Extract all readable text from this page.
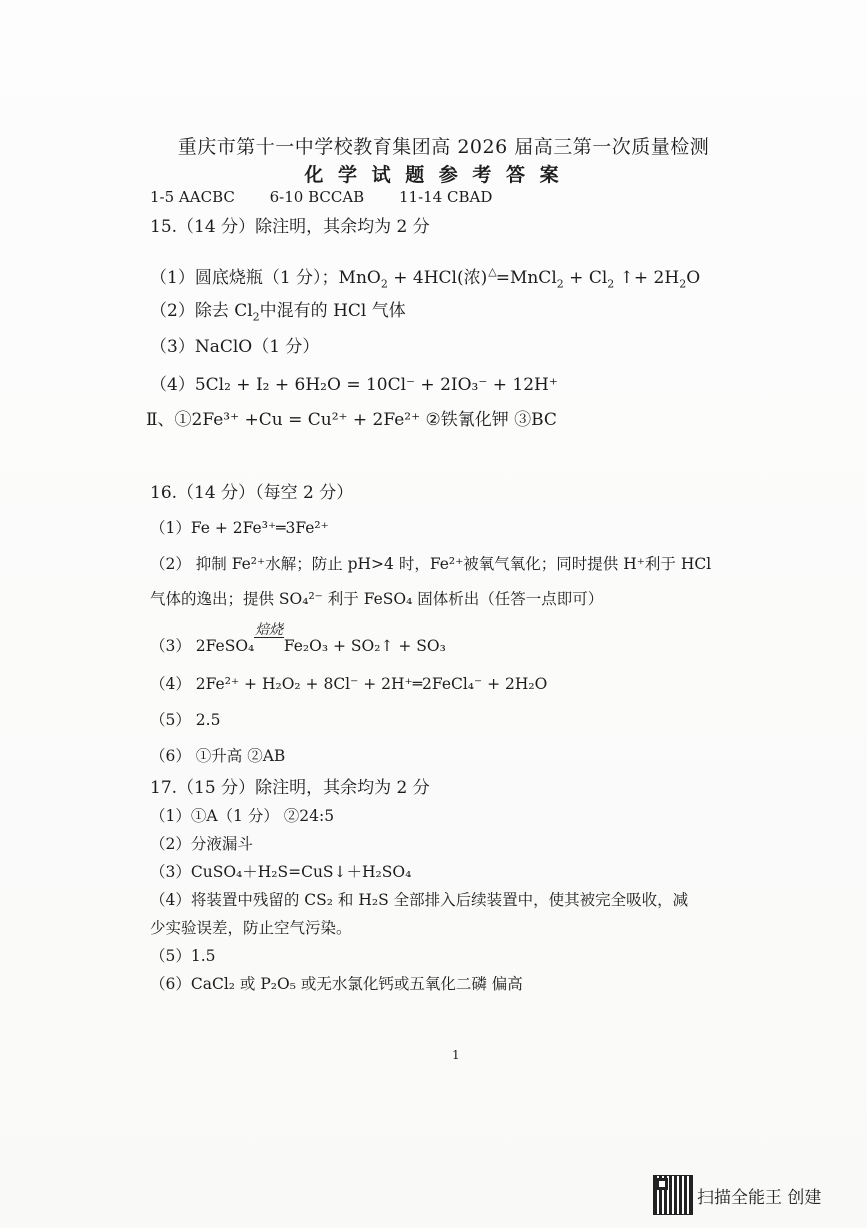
重庆市第十一中学校教育集团高 2026 届高三第一次质量检测
化 学 试 题 参 考 答 案
1-5 AACBC 6-10 BCCAB 11-14 CBAD
15.（14 分）除注明，其余均为 2 分
（1）圆底烧瓶（1 分）；MnO$_2$ + 4HCl(浓)△=MnCl$_2$ + $Cl_2$ ↑+ $2H_2O$
（2）除去 $Cl_2$中混有的 HCl 气体
（3）NaClO（1 分）
（4）5Cl₂ + I₂ + 6H₂O = 10Cl⁻ + 2IO₃⁻ + 12H⁺
Ⅱ、①2Fe³⁺ +Cu = Cu²⁺ + 2Fe²⁺ ②铁氰化钾 ③BC
16.（14 分）（每空 2 分）
（1）Fe + 2Fe³⁺═3Fe²⁺
（2） 抑制 Fe²⁺水解；防止 pH>4 时，Fe²⁺被氧气氧化；同时提供 H⁺利于 HCl
气体的逸出；提供 SO₄²⁻ 利于 FeSO₄ 固体析出（任答一点即可）
（3） 2FeSO₄
焙烧
Fe₂O₃ + SO₂↑ + SO₃
（4） 2Fe²⁺ + H₂O₂ + 8Cl⁻ + 2H⁺═2FeCl₄⁻ + 2H₂O
（5） 2.5
（6） ①升高 ②AB
17.（15 分）除注明，其余均为 2 分
（1）①A（1 分） ②24:5
（2）分液漏斗
（3）CuSO₄＋H₂S=CuS↓＋H₂SO₄
（4）将装置中残留的 CS₂ 和 H₂S 全部排入后续装置中，使其被完全吸收，减
少实验误差，防止空气污染。
（5）1.5
（6）CaCl₂ 或 P₂O₅ 或无水氯化钙或五氧化二磷 偏高
1
扫描全能王 创建
